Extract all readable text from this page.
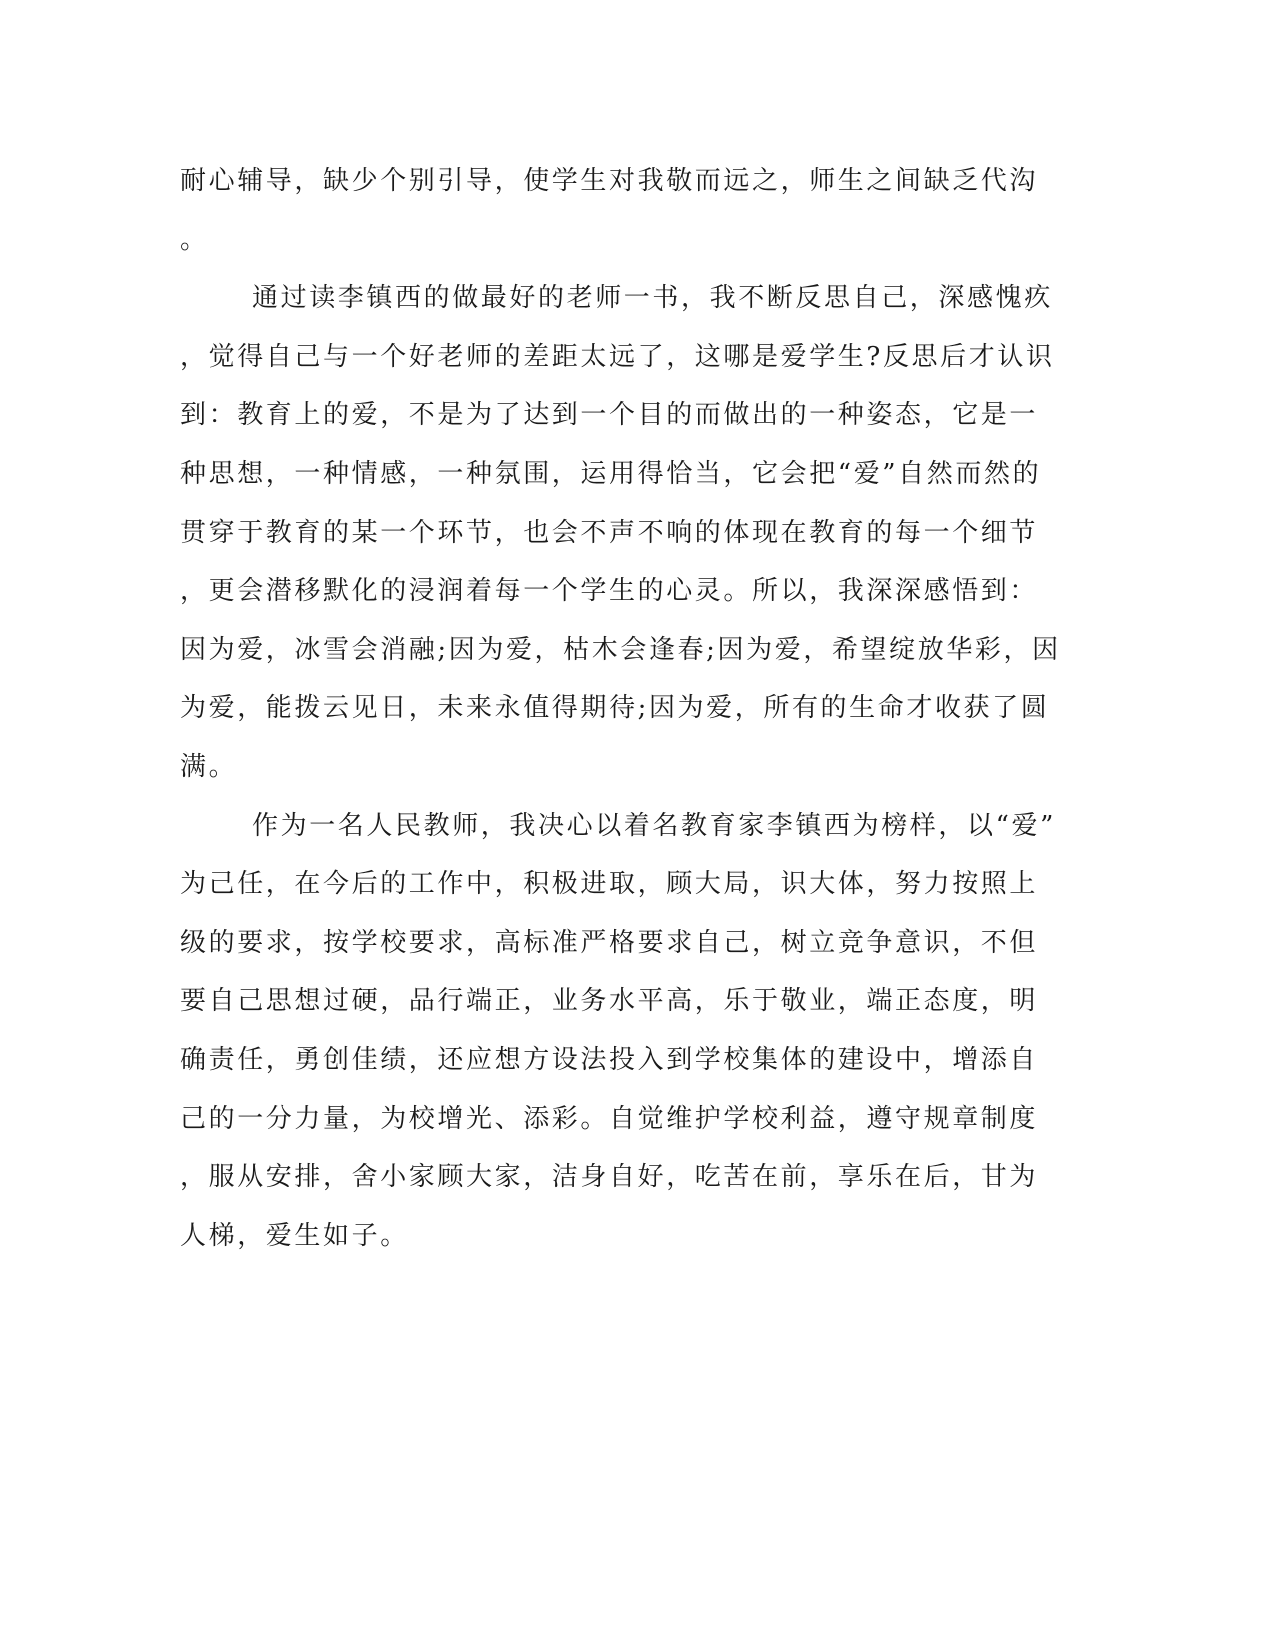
耐心辅导，缺少个别引导，使学生对我敬而远之，师生之间缺乏代沟
。
通过读李镇西的做最好的老师一书，我不断反思自己，深感愧疚
，觉得自己与一个好老师的差距太远了，这哪是爱学生?反思后才认识
到：教育上的爱，不是为了达到一个目的而做出的一种姿态，它是一
种思想，一种情感，一种氛围，运用得恰当，它会把“爱”自然而然的
贯穿于教育的某一个环节，也会不声不响的体现在教育的每一个细节
，更会潜移默化的浸润着每一个学生的心灵。所以，我深深感悟到：
因为爱，冰雪会消融;因为爱，枯木会逢春;因为爱，希望绽放华彩，因
为爱，能拨云见日，未来永值得期待;因为爱，所有的生命才收获了圆
满。
作为一名人民教师，我决心以着名教育家李镇西为榜样，以“爱”
为己任，在今后的工作中，积极进取，顾大局，识大体，努力按照上
级的要求，按学校要求，高标准严格要求自己，树立竞争意识，不但
要自己思想过硬，品行端正，业务水平高，乐于敬业，端正态度，明
确责任，勇创佳绩，还应想方设法投入到学校集体的建设中，增添自
己的一分力量，为校增光、添彩。自觉维护学校利益，遵守规章制度
，服从安排，舍小家顾大家，洁身自好，吃苦在前，享乐在后，甘为
人梯，爱生如子。
